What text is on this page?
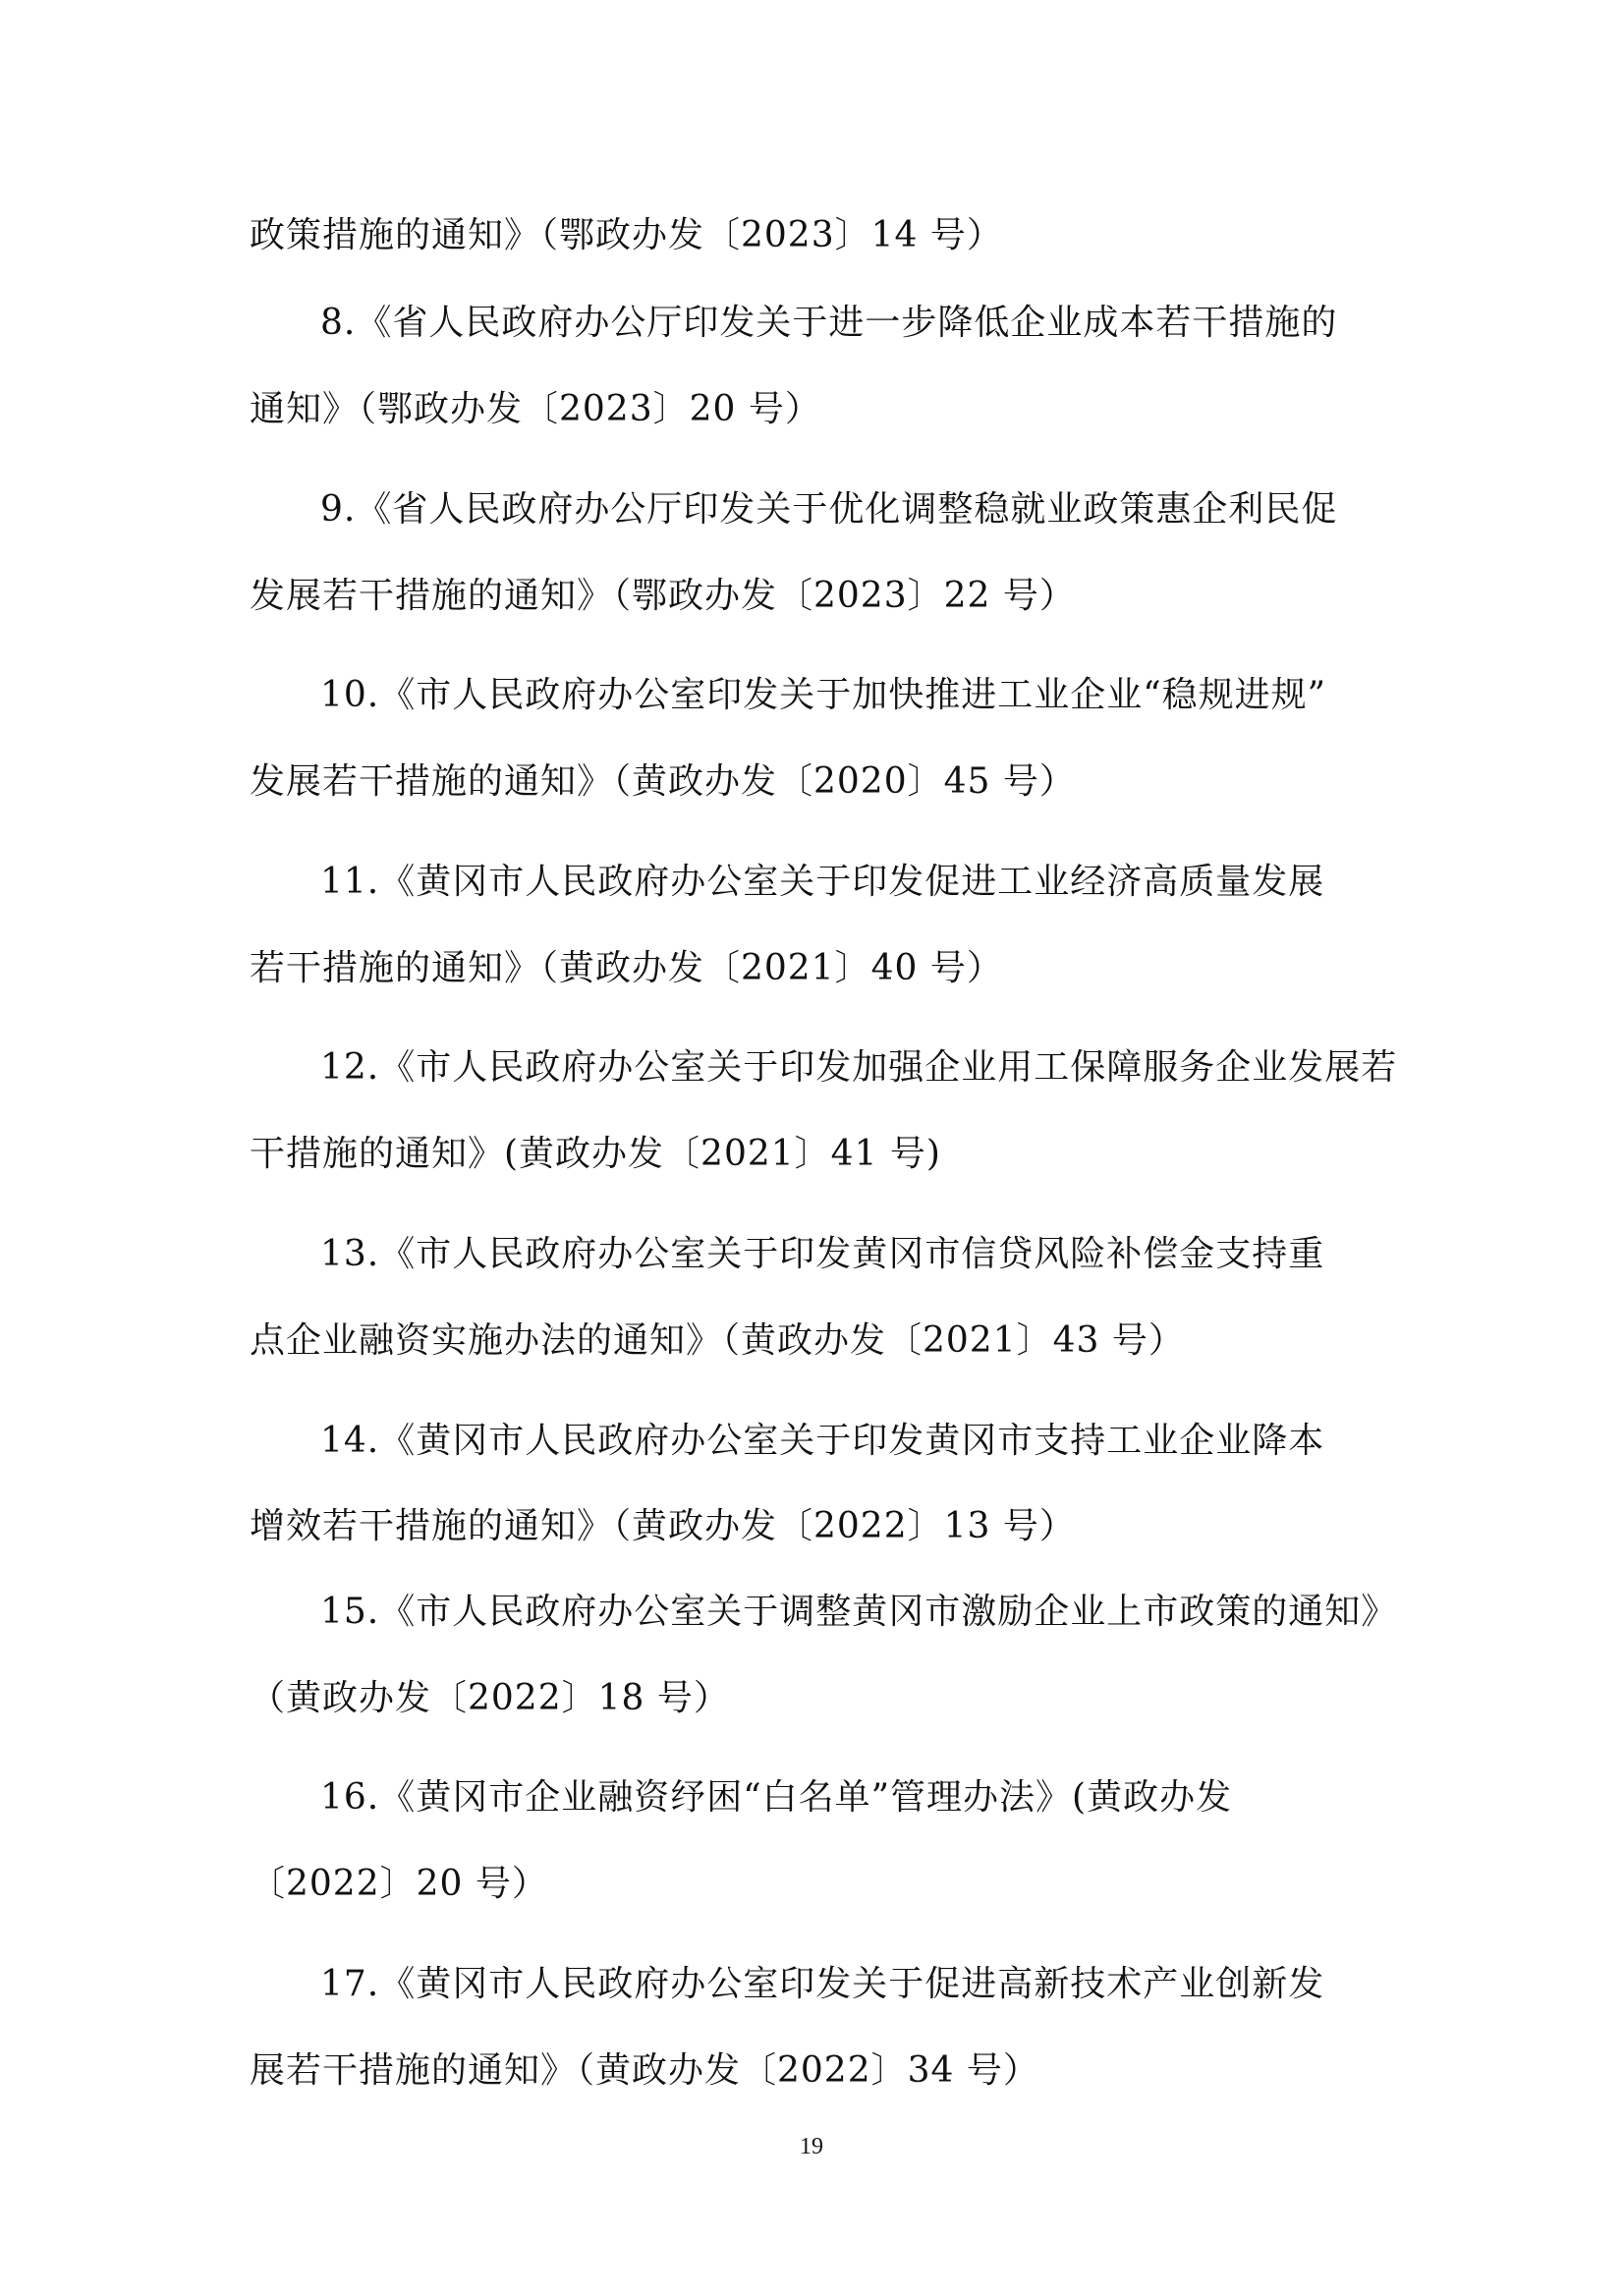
政策措施的通知》（鄂政办发〔2023〕14 号）
8.《省人民政府办公厅印发关于进一步降低企业成本若干措施的
通知》（鄂政办发〔2023〕20 号）
9.《省人民政府办公厅印发关于优化调整稳就业政策惠企利民促
发展若干措施的通知》（鄂政办发〔2023〕22 号）
10.《市人民政府办公室印发关于加快推进工业企业“稳规进规”
发展若干措施的通知》（黄政办发〔2020〕45 号）
11.《黄冈市人民政府办公室关于印发促进工业经济高质量发展
若干措施的通知》（黄政办发〔2021〕40 号）
12.《市人民政府办公室关于印发加强企业用工保障服务企业发展若
干措施的通知》(黄政办发〔2021〕41 号)
13.《市人民政府办公室关于印发黄冈市信贷风险补偿金支持重
点企业融资实施办法的通知》（黄政办发〔2021〕43 号）
14.《黄冈市人民政府办公室关于印发黄冈市支持工业企业降本
增效若干措施的通知》（黄政办发〔2022〕13 号）
15.《市人民政府办公室关于调整黄冈市激励企业上市政策的通知》
（黄政办发〔2022〕18 号）
16.《黄冈市企业融资纾困“白名单”管理办法》(黄政办发
〔2022〕20 号）
17.《黄冈市人民政府办公室印发关于促进高新技术产业创新发
展若干措施的通知》（黄政办发〔2022〕34 号）
19
